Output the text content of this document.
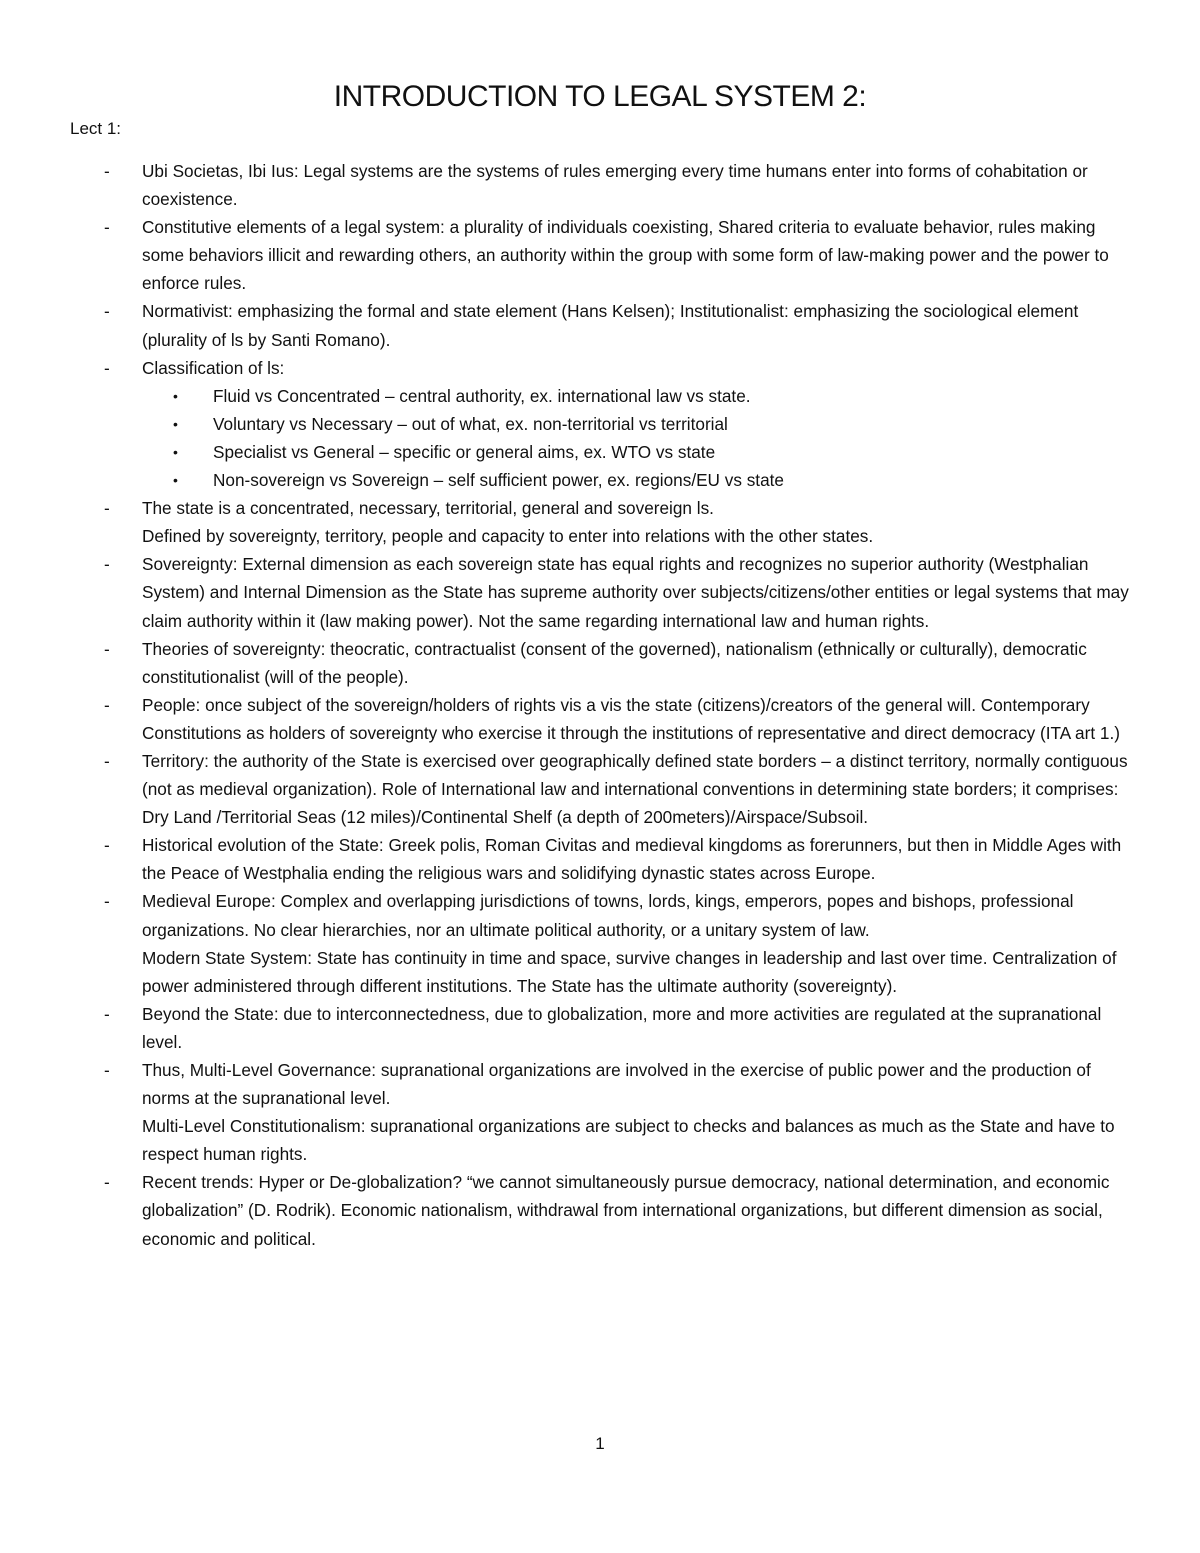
INTRODUCTION TO LEGAL SYSTEM 2:

Lect 1:

- Ubi Societas, Ibi Ius: Legal systems are the systems of rules emerging every time humans enter into forms of cohabitation or coexistence.
- Constitutive elements of a legal system: a plurality of individuals coexisting, Shared criteria to evaluate behavior, rules making some behaviors illicit and rewarding others, an authority within the group with some form of law-making power and the power to enforce rules.
- Normativist: emphasizing the formal and state element (Hans Kelsen); Institutionalist: emphasizing the sociological element (plurality of ls by Santi Romano).
- Classification of ls:
•	Fluid vs Concentrated – central authority, ex. international law vs state.
•	Voluntary vs Necessary – out of what, ex. non-territorial vs territorial
•	Specialist vs General – specific or general aims, ex. WTO vs state
•	Non-sovereign vs Sovereign – self sufficient power, ex. regions/EU vs state
- The state is a concentrated, necessary, territorial, general and sovereign ls.
Defined by sovereignty, territory, people and capacity to enter into relations with the other states.
- Sovereignty: External dimension as each sovereign state has equal rights and recognizes no superior authority (Westphalian System) and Internal Dimension as the State has supreme authority over subjects/citizens/other entities or legal systems that may claim authority within it (law making power). Not the same regarding international law and human rights.
- Theories of sovereignty: theocratic, contractualist (consent of the governed), nationalism (ethnically or culturally), democratic constitutionalist (will of the people).
- People: once subject of the sovereign/holders of rights vis a vis the state (citizens)/creators of the general will. Contemporary Constitutions as holders of sovereignty who exercise it through the institutions of representative and direct democracy (ITA art 1.)
- Territory: the authority of the State is exercised over geographically defined state borders – a distinct territory, normally contiguous (not as medieval organization). Role of International law and international conventions in determining state borders; it comprises: Dry Land /Territorial Seas (12 miles)/Continental Shelf (a depth of 200meters)/Airspace/Subsoil.
- Historical evolution of the State: Greek polis, Roman Civitas and medieval kingdoms as forerunners, but then in Middle Ages with the Peace of Westphalia ending the religious wars and solidifying dynastic states across Europe.
- Medieval Europe: Complex and overlapping jurisdictions of towns, lords, kings, emperors, popes and bishops, professional organizations. No clear hierarchies, nor an ultimate political authority, or a unitary system of law.
Modern State System: State has continuity in time and space, survive changes in leadership and last over time. Centralization of power administered through different institutions. The State has the ultimate authority (sovereignty).
- Beyond the State: due to interconnectedness, due to globalization, more and more activities are regulated at the supranational level.
- Thus, Multi-Level Governance: supranational organizations are involved in the exercise of public power and the production of norms at the supranational level.
Multi-Level Constitutionalism: supranational organizations are subject to checks and balances as much as the State and have to respect human rights.
- Recent trends: Hyper or De-globalization? “we cannot simultaneously pursue democracy, national determination, and economic globalization” (D. Rodrik). Economic nationalism, withdrawal from international organizations, but different dimension as social, economic and political.
1
